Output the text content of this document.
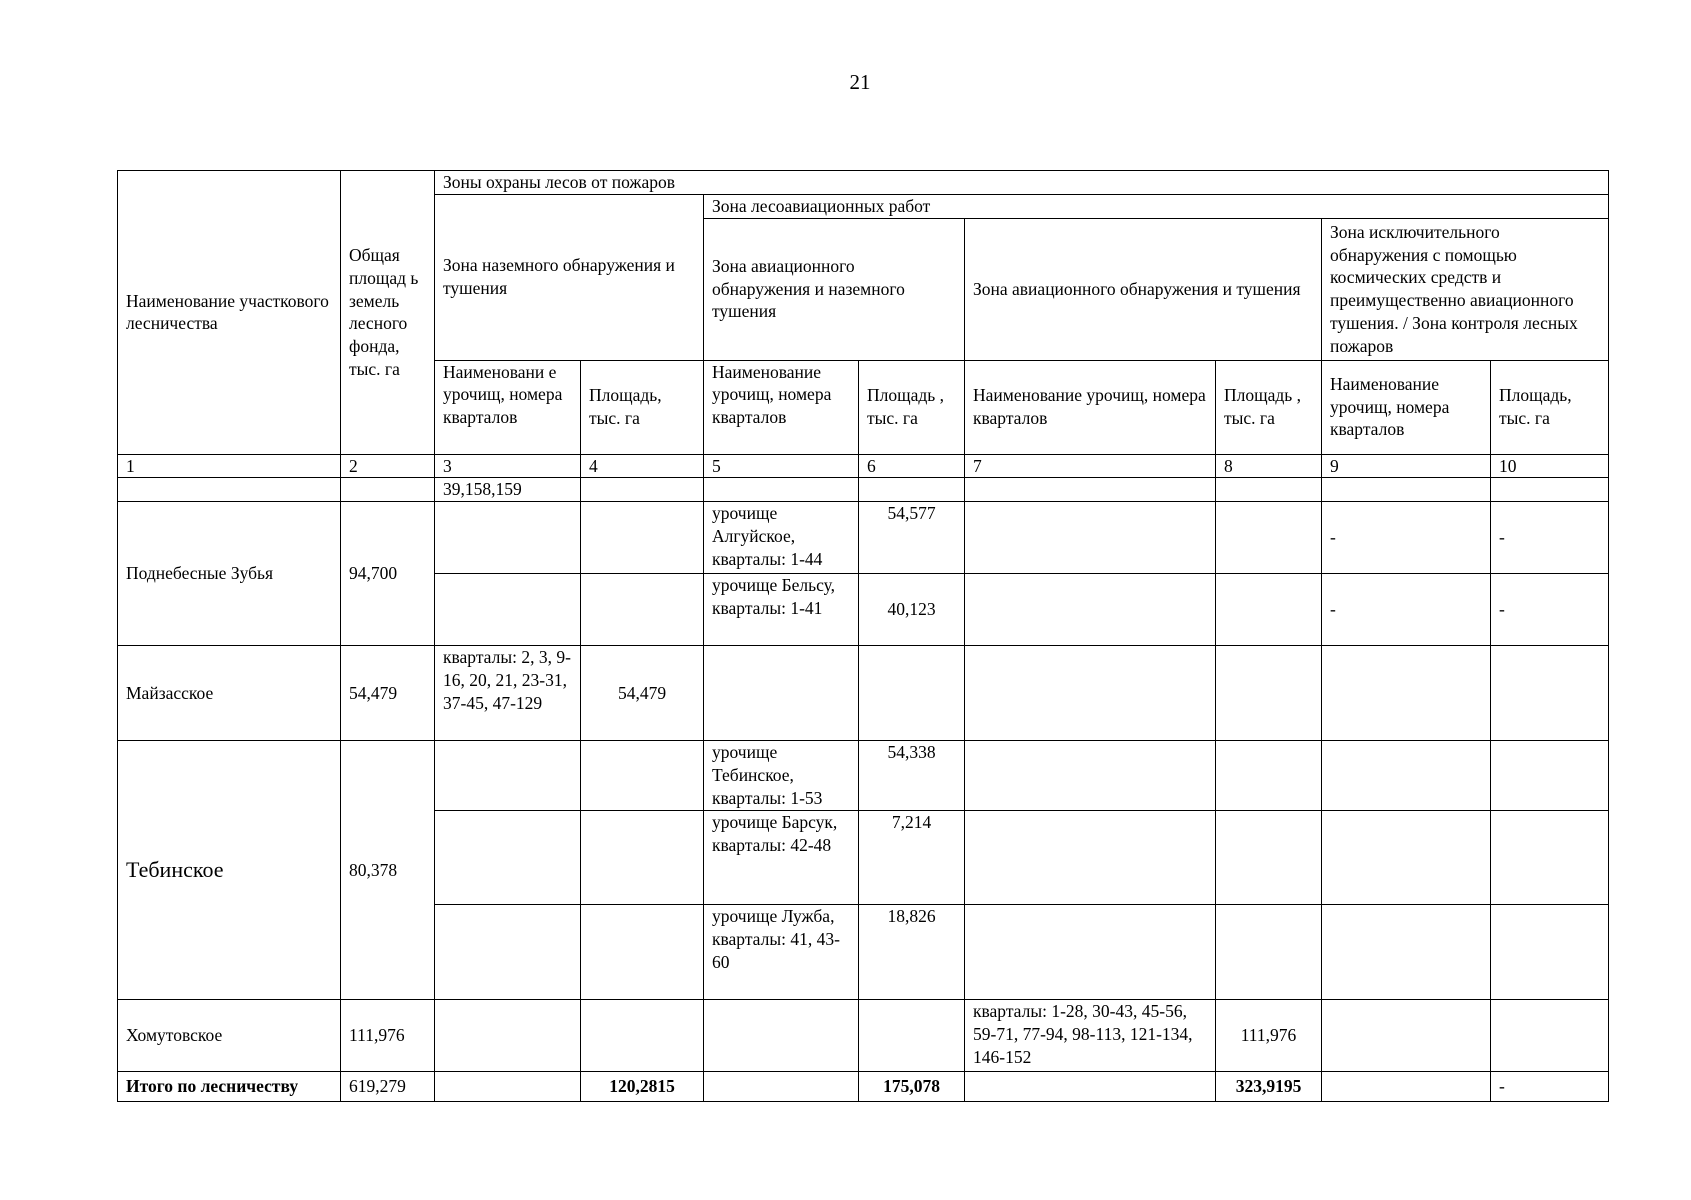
21
Наименование участкового лесничества	Общая площад ь земель лесного фонда, тыс. га	Зоны охраны лесов от пожаров							
		Зона наземного обнаружения и тушения		Зона лесоавиационных работ					
				Зона авиационного обнаружения и наземного тушения		Зона авиационного обнаружения и тушения		Зона исключительного обнаружения с помощью космических средств и преимущественно авиационного тушения. / Зона контроля лесных пожаров	
		Наименовани е урочищ, номера кварталов	Площадь, тыс. га	Наименование урочищ, номера кварталов	Площадь , тыс. га	Наименование урочищ, номера кварталов	Площадь , тыс. га	Наименование урочищ, номера кварталов	Площадь, тыс. га
1	2	3	4	5	6	7	8	9	10
		39,158,159							
Поднебесные Зубья	94,700			урочище Алгуйское, кварталы: 1-44	54,577			-	-
				урочище Бельсу, кварталы: 1-41	40,123			-	-
Майзасское	54,479	кварталы: 2, 3, 9-16, 20, 21, 23-31, 37-45, 47-129	54,479						
Тебинское	80,378			урочище Тебинское, кварталы: 1-53	54,338				
				урочище Барсук, кварталы: 42-48	7,214				
				урочище Лужба, кварталы: 41, 43-60	18,826				
Хомутовское	111,976					кварталы: 1-28, 30-43, 45-56, 59-71, 77-94, 98-113, 121-134, 146-152	111,976		
Итого по лесничеству	619,279		120,2815		175,078		323,9195		-
